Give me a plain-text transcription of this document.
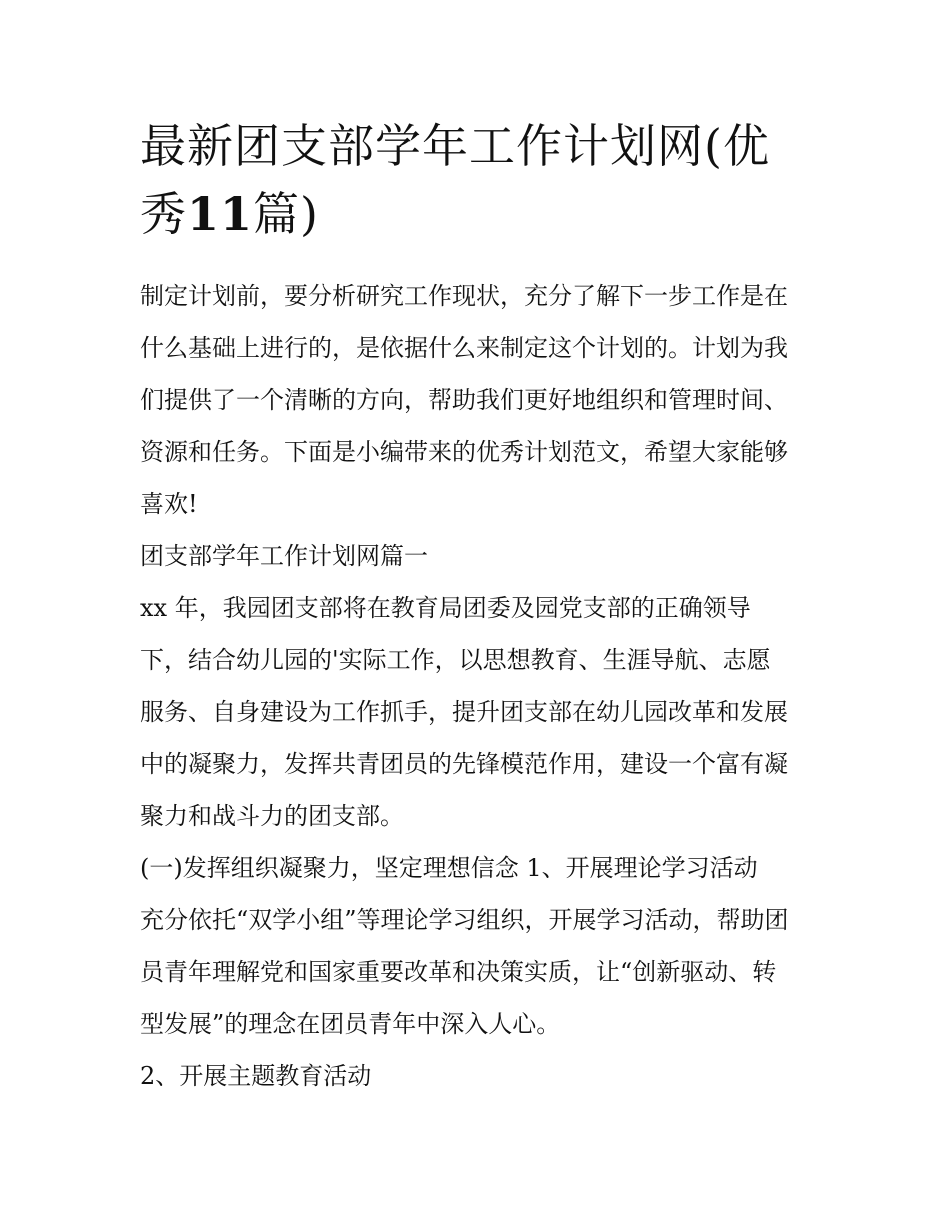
最新团支部学年工作计划网(优
秀11篇)
制定计划前，要分析研究工作现状，充分了解下一步工作是在
什么基础上进行的，是依据什么来制定这个计划的。计划为我
们提供了一个清晰的方向，帮助我们更好地组织和管理时间、
资源和任务。下面是小编带来的优秀计划范文，希望大家能够
喜欢!
团支部学年工作计划网篇一
xx 年，我园团支部将在教育局团委及园党支部的正确领导
下，结合幼儿园的'实际工作，以思想教育、生涯导航、志愿
服务、自身建设为工作抓手，提升团支部在幼儿园改革和发展
中的凝聚力，发挥共青团员的先锋模范作用，建设一个富有凝
聚力和战斗力的团支部。
(一)发挥组织凝聚力，坚定理想信念 1、开展理论学习活动
充分依托“双学小组”等理论学习组织，开展学习活动，帮助团
员青年理解党和国家重要改革和决策实质，让“创新驱动、转
型发展”的理念在团员青年中深入人心。
2、开展主题教育活动
